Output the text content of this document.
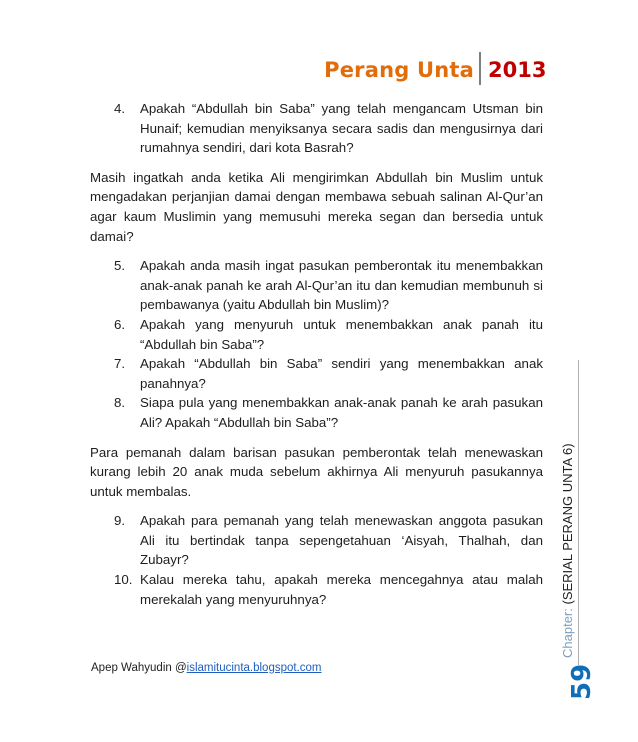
Perang Unta 2013
4.	Apakah “Abdullah bin Saba” yang telah mengancam Utsman bin Hunaif; kemudian menyiksanya secara sadis dan mengusirnya dari rumahnya sendiri, dari kota Basrah?
Masih ingatkah anda ketika Ali mengirimkan Abdullah bin Muslim untuk mengadakan perjanjian damai dengan membawa sebuah salinan Al-Qur’an agar kaum Muslimin yang memusuhi mereka segan dan bersedia untuk damai?
5.	Apakah anda masih ingat pasukan pemberontak itu menembakkan anak-anak panah ke arah Al-Qur’an itu dan kemudian membunuh si pembawanya (yaitu Abdullah bin Muslim)?
6.	Apakah yang menyuruh untuk menembakkan anak panah itu “Abdullah bin Saba”?
7.	Apakah “Abdullah bin Saba” sendiri yang menembakkan anak panahnya?
8.	Siapa pula yang menembakkan anak-anak panah ke arah pasukan Ali? Apakah “Abdullah bin Saba”?
Para pemanah dalam barisan pasukan pemberontak telah menewaskan kurang lebih 20 anak muda sebelum akhirnya Ali menyuruh pasukannya untuk membalas.
9.	Apakah para pemanah yang telah menewaskan anggota pasukan Ali itu bertindak tanpa sepengetahuan ‘Aisyah, Thalhah, dan Zubayr?
10. Kalau mereka tahu, apakah mereka mencegahnya atau malah merekalah yang menyuruhnya?
Chapter: (SERIAL PERANG UNTA 6)
59
Apep Wahyudin @islamitucinta.blogspot.com
